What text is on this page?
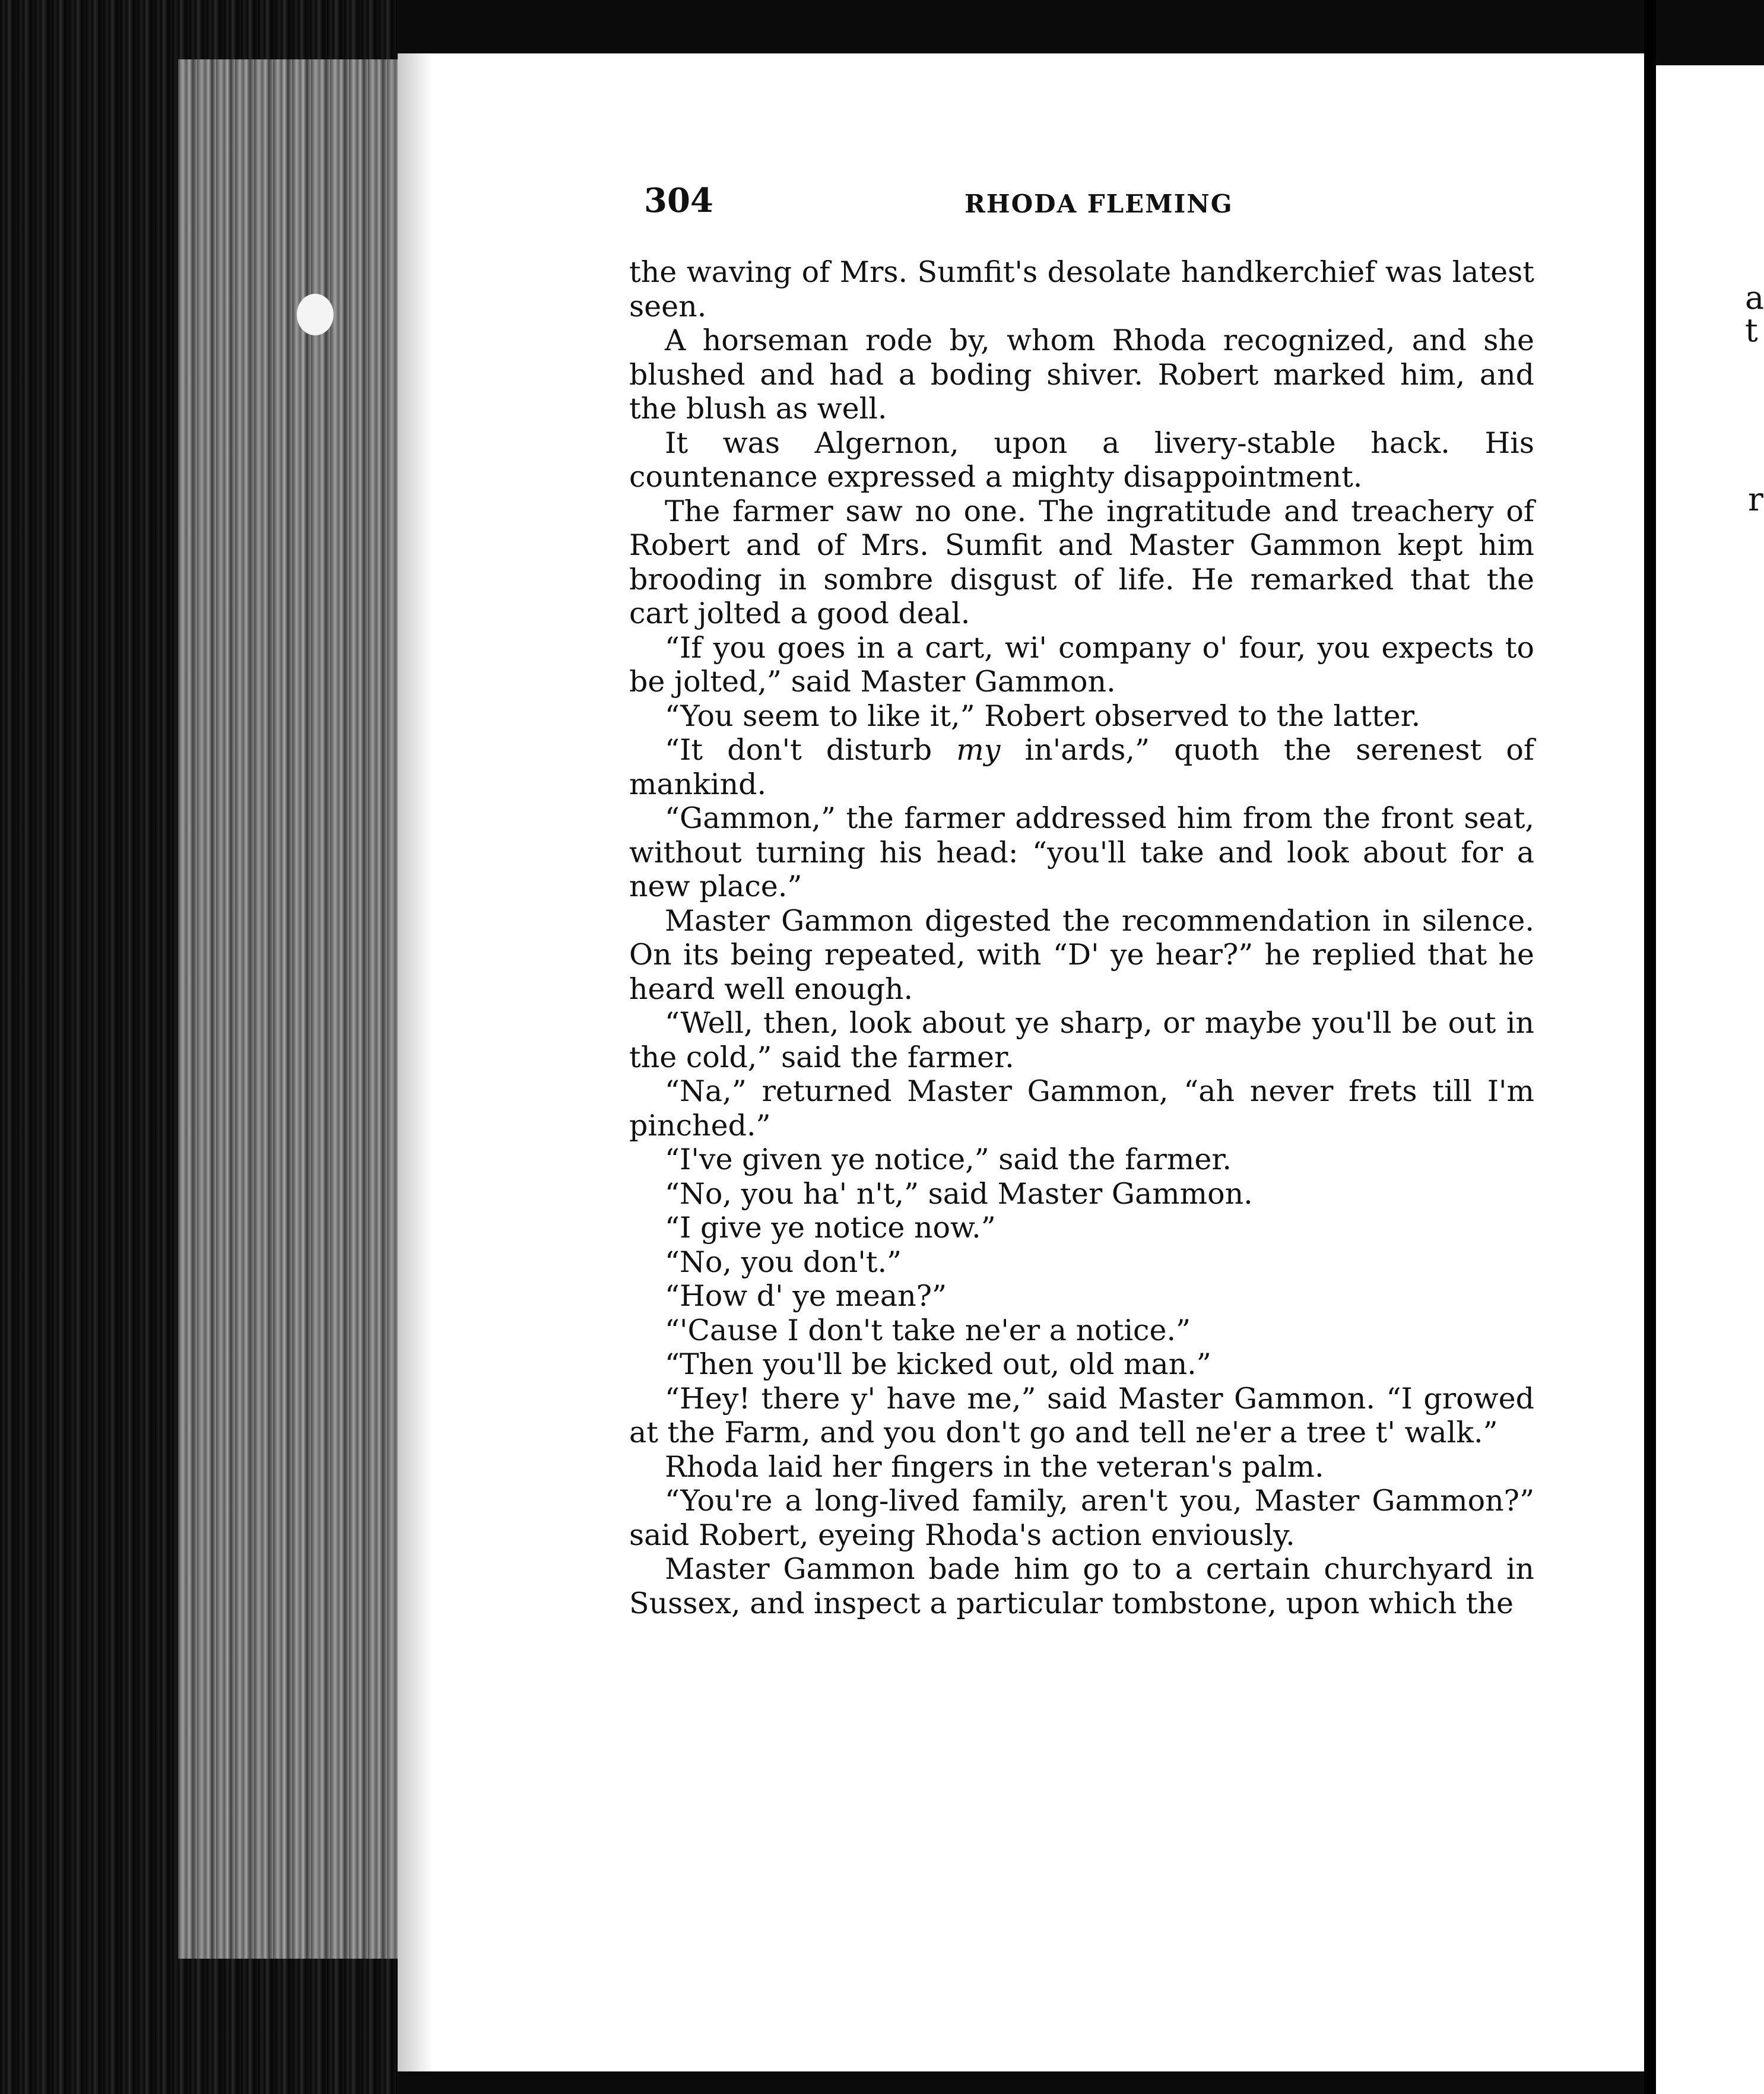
a
t
r
304	RHODA FLEMING

the waving of Mrs. Sumfit's desolate handkerchief was latest seen.

A horseman rode by, whom Rhoda recognized, and she blushed and had a boding shiver. Robert marked him, and the blush as well.

It was Algernon, upon a livery-stable hack. His countenance expressed a mighty disappointment.

The farmer saw no one. The ingratitude and treachery of Robert and of Mrs. Sumfit and Master Gammon kept him brooding in sombre disgust of life. He remarked that the cart jolted a good deal.

“If you goes in a cart, wi' company o' four, you expects to be jolted,” said Master Gammon.

“You seem to like it,” Robert observed to the latter.

“It don't disturb my in'ards,” quoth the serenest of mankind.

“Gammon,” the farmer addressed him from the front seat, without turning his head: “you'll take and look about for a new place.”

Master Gammon digested the recommendation in silence. On its being repeated, with “D' ye hear?” he replied that he heard well enough.

“Well, then, look about ye sharp, or maybe you'll be out in the cold,” said the farmer.

“Na,” returned Master Gammon, “ah never frets till I'm pinched.”

“I've given ye notice,” said the farmer.

“No, you ha' n't,” said Master Gammon.

“I give ye notice now.”

“No, you don't.”

“How d' ye mean?”

“'Cause I don't take ne'er a notice.”

“Then you'll be kicked out, old man.”

“Hey! there y' have me,” said Master Gammon. “I growed at the Farm, and you don't go and tell ne'er a tree t' walk.”

Rhoda laid her fingers in the veteran's palm.

“You're a long-lived family, aren't you, Master Gammon?” said Robert, eyeing Rhoda's action enviously.

Master Gammon bade him go to a certain churchyard in Sussex, and inspect a particular tombstone, upon which the
